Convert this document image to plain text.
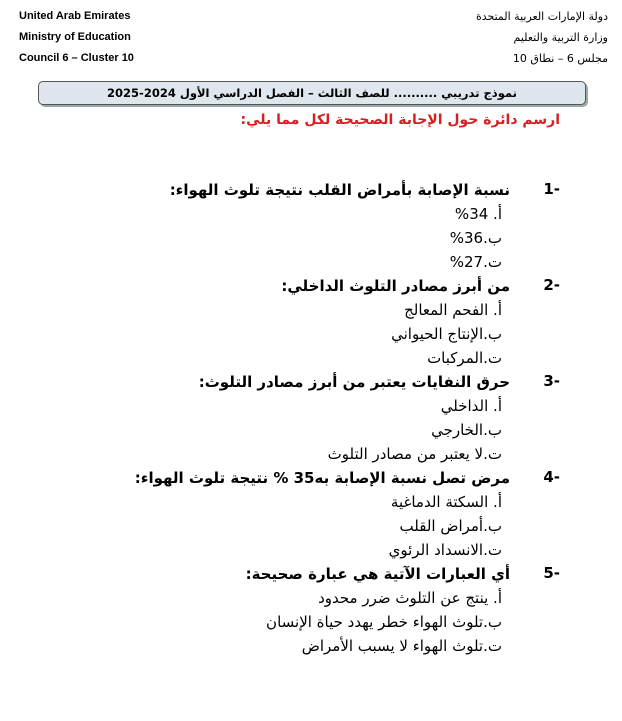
United Arab Emirates
Ministry of Education
Council 6 – Cluster 10
دولة الإمارات العربية المتحدة
وزارة التربية والتعليم
مجلس 6 – نطاق 10
نموذج تدريبي .......... للصف الثالث – الفصل الدراسي الأول 2024-2025
ارسم دائرة حول الإجابة الصحيحة لكل مما يلي:
1-
نسبة الإصابة بأمراض القلب نتيجة تلوث الهواء:
أ. 34%
ب.36%
ت.27%
2-
من أبرز مصادر التلوث الداخلي:
أ. الفحم المعالج
ب.الإنتاج الحيواني
ت.المركبات
3-
حرق النفايات يعتبر من أبرز مصادر التلوث:
أ. الداخلي
ب.الخارجي
ت.لا يعتبر من مصادر التلوث
4-
مرض تصل نسبة الإصابة به35 % نتيجة تلوث الهواء:
أ. السكتة الدماغية
ب.أمراض القلب
ت.الانسداد الرئوي
5-
أي العبارات الآتية هي عبارة صحيحة:
أ. ينتج عن التلوث ضرر محدود
ب.تلوث الهواء خطر يهدد حياة الإنسان
ت.تلوث الهواء لا يسبب الأمراض
